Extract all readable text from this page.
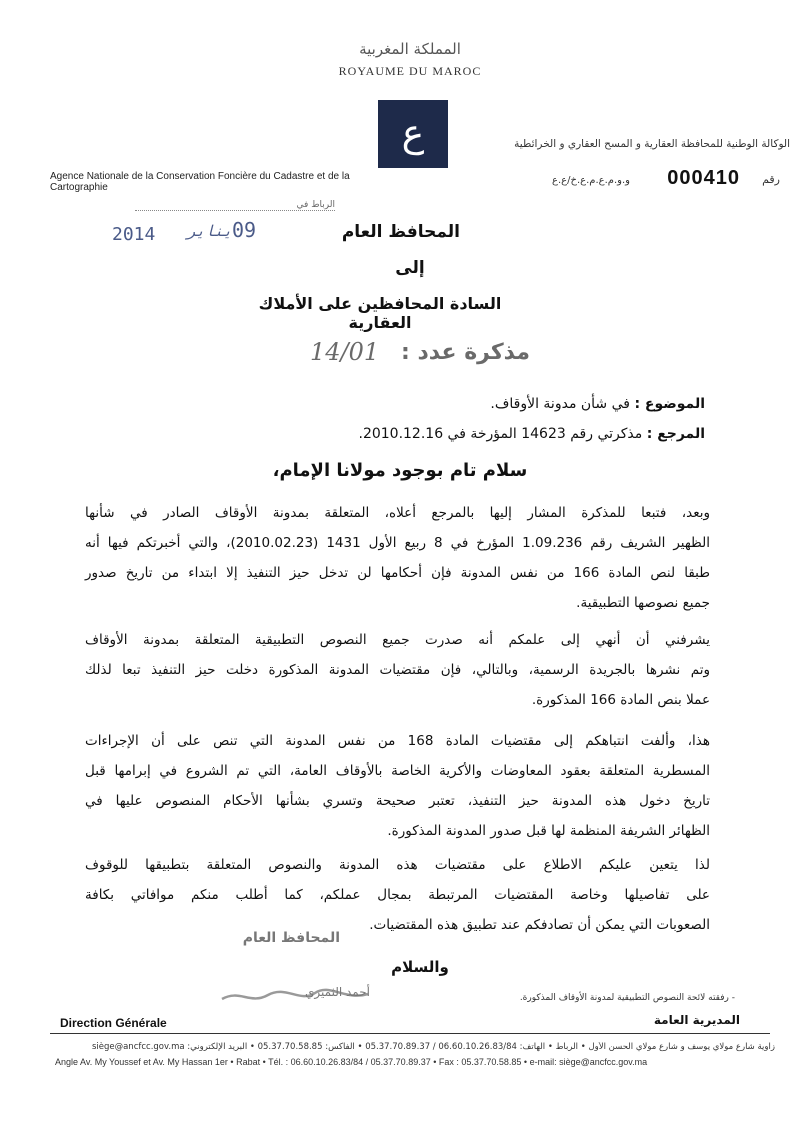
المملكة المغربية
ROYAUME DU MAROC
ع ف
الوكالة الوطنية للمحافظة العقارية و المسح العقاري و الخرائطية
Agence Nationale de la Conservation Foncière du Cadastre et de la Cartographie
رقم
000410
و.و.م.ع.م.ع.خ/ع.ع
الرباط في
2014 يناير 09	المحافظ العام
إلى
السادة المحافظين على الأملاك العقارية
مذكرة عدد :
14/01
الموضوع : في شأن مدونة الأوقاف.
المرجع : مذكرتي رقم 14623 المؤرخة في 2010.12.16.
سلام تام بوجود مولانا الإمام،
وبعد، فتبعا للمذكرة المشار إليها بالمرجع أعلاه، المتعلقة بمدونة الأوقاف الصادر في شأنها
الظهير الشريف رقم 1.09.236 المؤرخ في 8 ربيع الأول 1431 (2010.02.23)، والتي أخبرتكم فيها أنه
طبقا لنص المادة 166 من نفس المدونة فإن أحكامها لن تدخل حيز التنفيذ إلا ابتداء من تاريخ صدور
جميع نصوصها التطبيقية.
يشرفني أن أنهي إلى علمكم أنه صدرت جميع النصوص التطبيقية المتعلقة بمدونة الأوقاف
وتم نشرها بالجريدة الرسمية، وبالتالي، فإن مقتضيات المدونة المذكورة دخلت حيز التنفيذ تبعا لذلك
عملا بنص المادة 166 المذكورة.
هذا، وألفت انتباهكم إلى مقتضيات المادة 168 من نفس المدونة التي تنص على أن الإجراءات
المسطرية المتعلقة بعقود المعاوضات والأكرية الخاصة بالأوقاف العامة، التي تم الشروع في إبرامها قبل
تاريخ دخول هذه المدونة حيز التنفيذ، تعتبر صحيحة وتسري بشأنها الأحكام المنصوص عليها في
الظهائر الشريفة المنظمة لها قبل صدور المدونة المذكورة.
لذا يتعين عليكم الاطلاع على مقتضيات هذه المدونة والنصوص المتعلقة بتطبيقها للوقوف
على تفاصيلها وخاصة المقتضيات المرتبطة بمجال عملكم، كما أطلب منكم موافاتي بكافة
الصعوبات التي يمكن أن تصادفكم عند تطبيق هذه المقتضيات.
المحافظ العام
والسلام
أحمد الثميري	- رفقته لائحة النصوص التطبيقية لمدونة الأوقاف المذكورة.
Direction Générale	المديرية العامة
زاوية شارع مولاي يوسف و شارع مولاي الحسن الأول • الرباط • الهاتف: 06.60.10.26.83/84 / 05.37.70.89.37 • الفاكس: 05.37.70.58.85 • البريد الإلكتروني: siège@ancfcc.gov.ma
Angle Av. My Youssef et Av. My Hassan 1er • Rabat • Tél. : 06.60.10.26.83/84 / 05.37.70.89.37 • Fax : 05.37.70.58.85 • e-mail: siège@ancfcc.gov.ma
